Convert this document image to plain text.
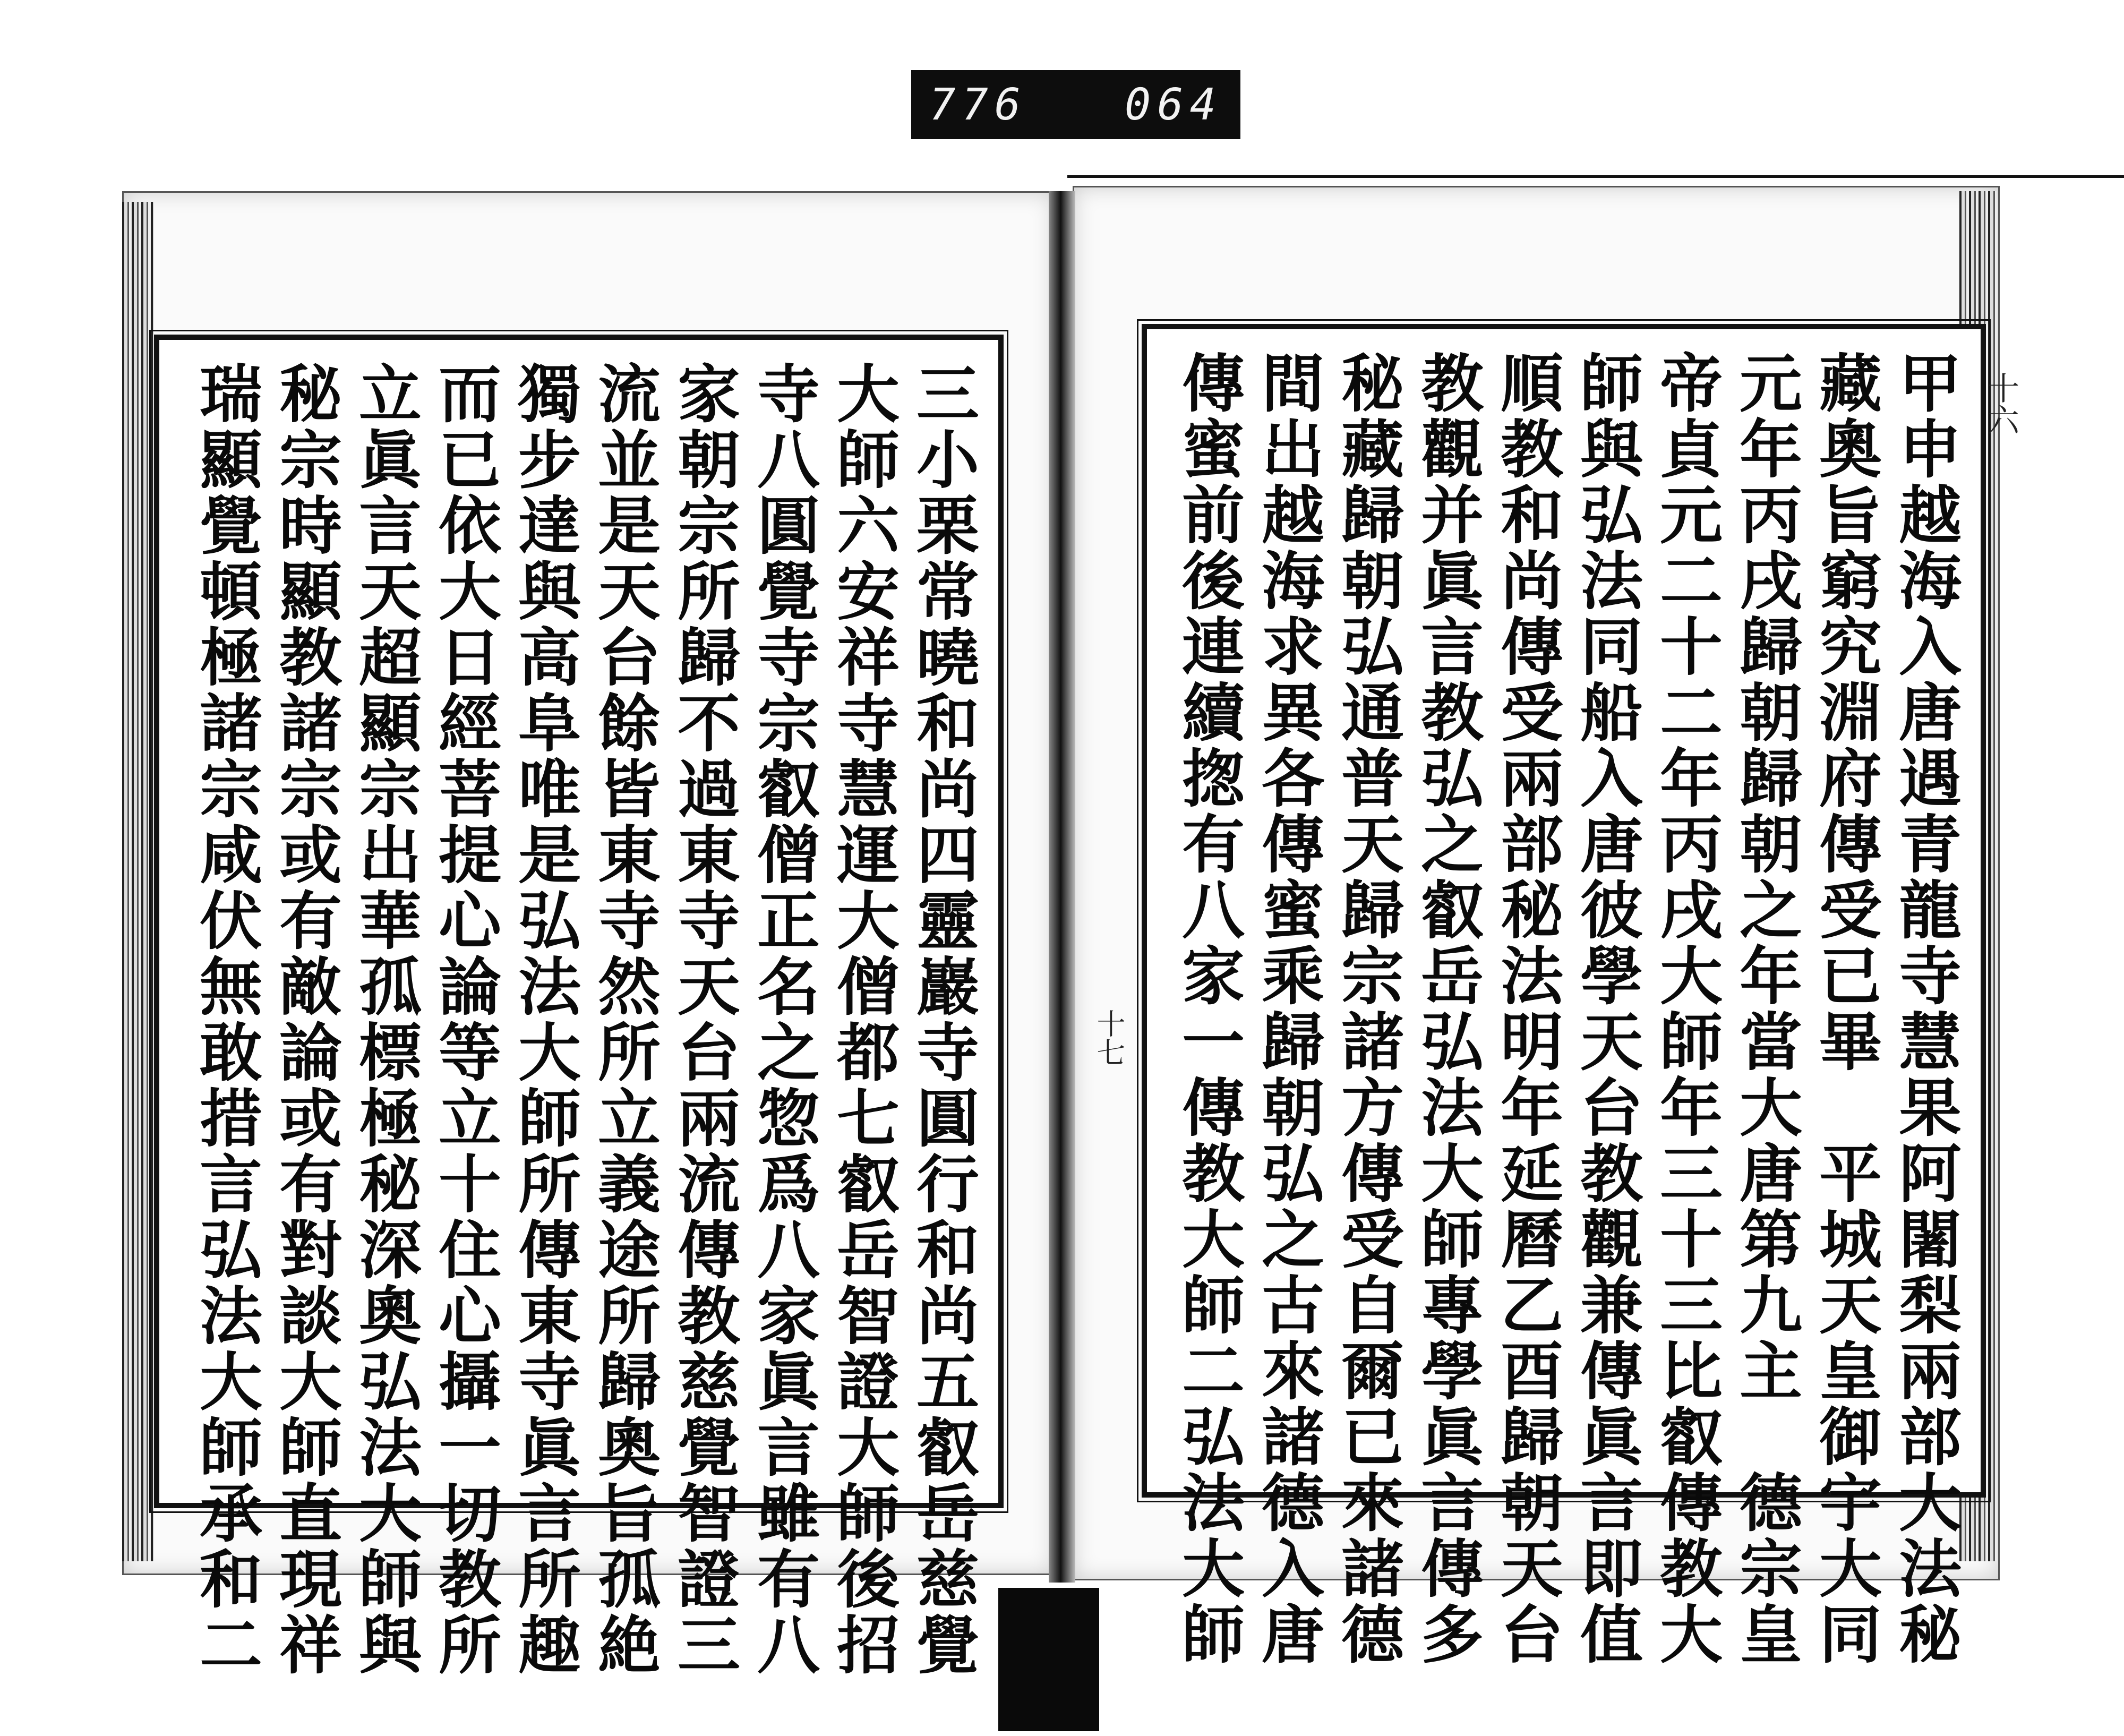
776 064
三小栗常曉和尚四靈巖寺圓行和尚五叡岳慈覺
大師六安祥寺慧運大僧都七叡岳智證大師後招
寺八圓覺寺宗叡僧正名之惣爲八家眞言雖有八
家朝宗所歸不過東寺天台兩流傳教慈覺智證三
流並是天台餘皆東寺然所立義途所歸奧旨孤絶
獨步達與高阜唯是弘法大師所傳東寺眞言所趣
而已依大日經菩提心論等立十住心攝一切教所
立眞言天超顯宗出華孤標極秘深奧弘法大師與
秘宗時顯教諸宗或有敵論或有對談大師直現祥
瑞顯覺頓極諸宗咸伏無敢措言弘法大師承和二	甲申越海入唐遇青龍寺慧果阿闍梨兩部大法秘
藏奧旨窮究淵府傳受已畢　平城天皇御宇大同
元年丙戌歸朝歸朝之年當大唐第九主　德宗皇
帝貞元二十二年丙戌大師年三十三比叡傳教大
師與弘法同船入唐彼學天台教觀兼傳眞言即值
順教和尚傳受兩部秘法明年延曆乙酉歸朝天台
教觀并眞言教弘之叡岳弘法大師專學眞言傳多
秘藏歸朝弘通普天歸宗諸方傳受自爾已來諸德
間出越海求異各傳蜜乘歸朝弘之古來諸德入唐
傳蜜前後連續揔有八家一傳教大師二弘法大師
十七
十六
